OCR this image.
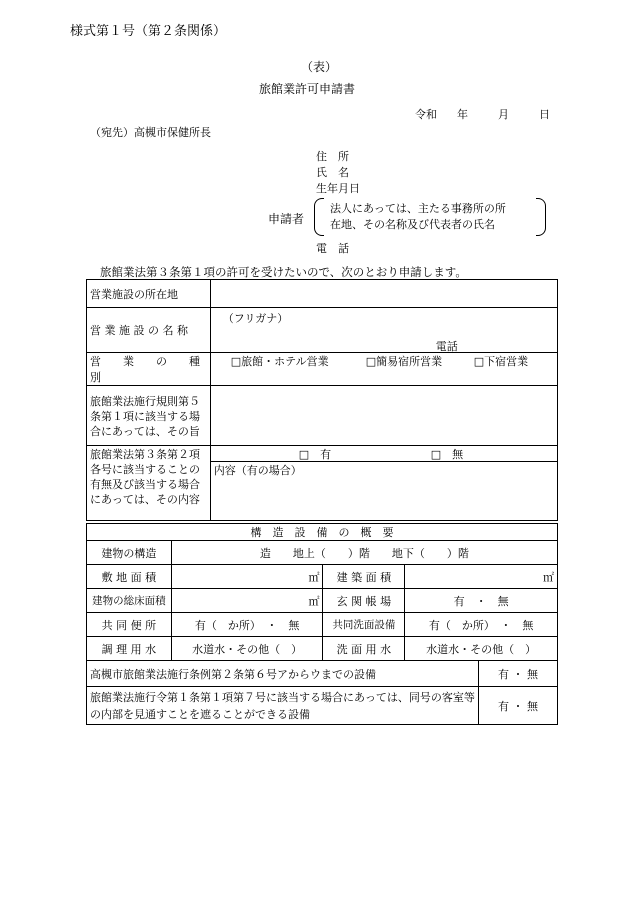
様式第１号（第２条関係）
（表）
旅館業許可申請書
令和 年	月	日
（宛先）高槻市保健所長
住　所
氏　名
生年月日
申請者
法人にあっては、主たる事務所の所
在地、その名称及び代表者の氏名
電　話
旅館業法第３条第１項の許可を受けたいので、次のとおり申請します。
営業施設の所在地	
営 業 施 設 の 名 称	（フリガナ）
電話

営　　業　　の　　種　　別	□旅館・ホテル営業 □簡易宿所営業 □下宿営業

旅館業法施行規則第５条第１項に該当する場合にあっては、その旨	
旅館業法第３条第２項各号に該当することの有無及び該当する場合にあっては、その内容	□　有 □　無

	内容（有の場合）
構　造　設　備　の　概　要				
建物の構造	造　　地上（　　）階　　地下（　　）階			
敷 地 面 積	㎡	建 築 面 積	㎡	
建物の総床面積	㎡	玄 関 帳 場	有　・　無	
共 同 便 所	有（　か所）　・　無	共同洗面設備	有（　か所）　・　無	
調 理 用 水	水道水・その他（　）	洗 面 用 水	水道水・その他（　）	
高槻市旅館業法施行条例第２条第６号アからウまでの設備				有 ・ 無
旅館業法施行令第１条第１項第７号に該当する場合にあっては、同号の客室等の内部を見通すことを遮ることができる設備				有 ・ 無
